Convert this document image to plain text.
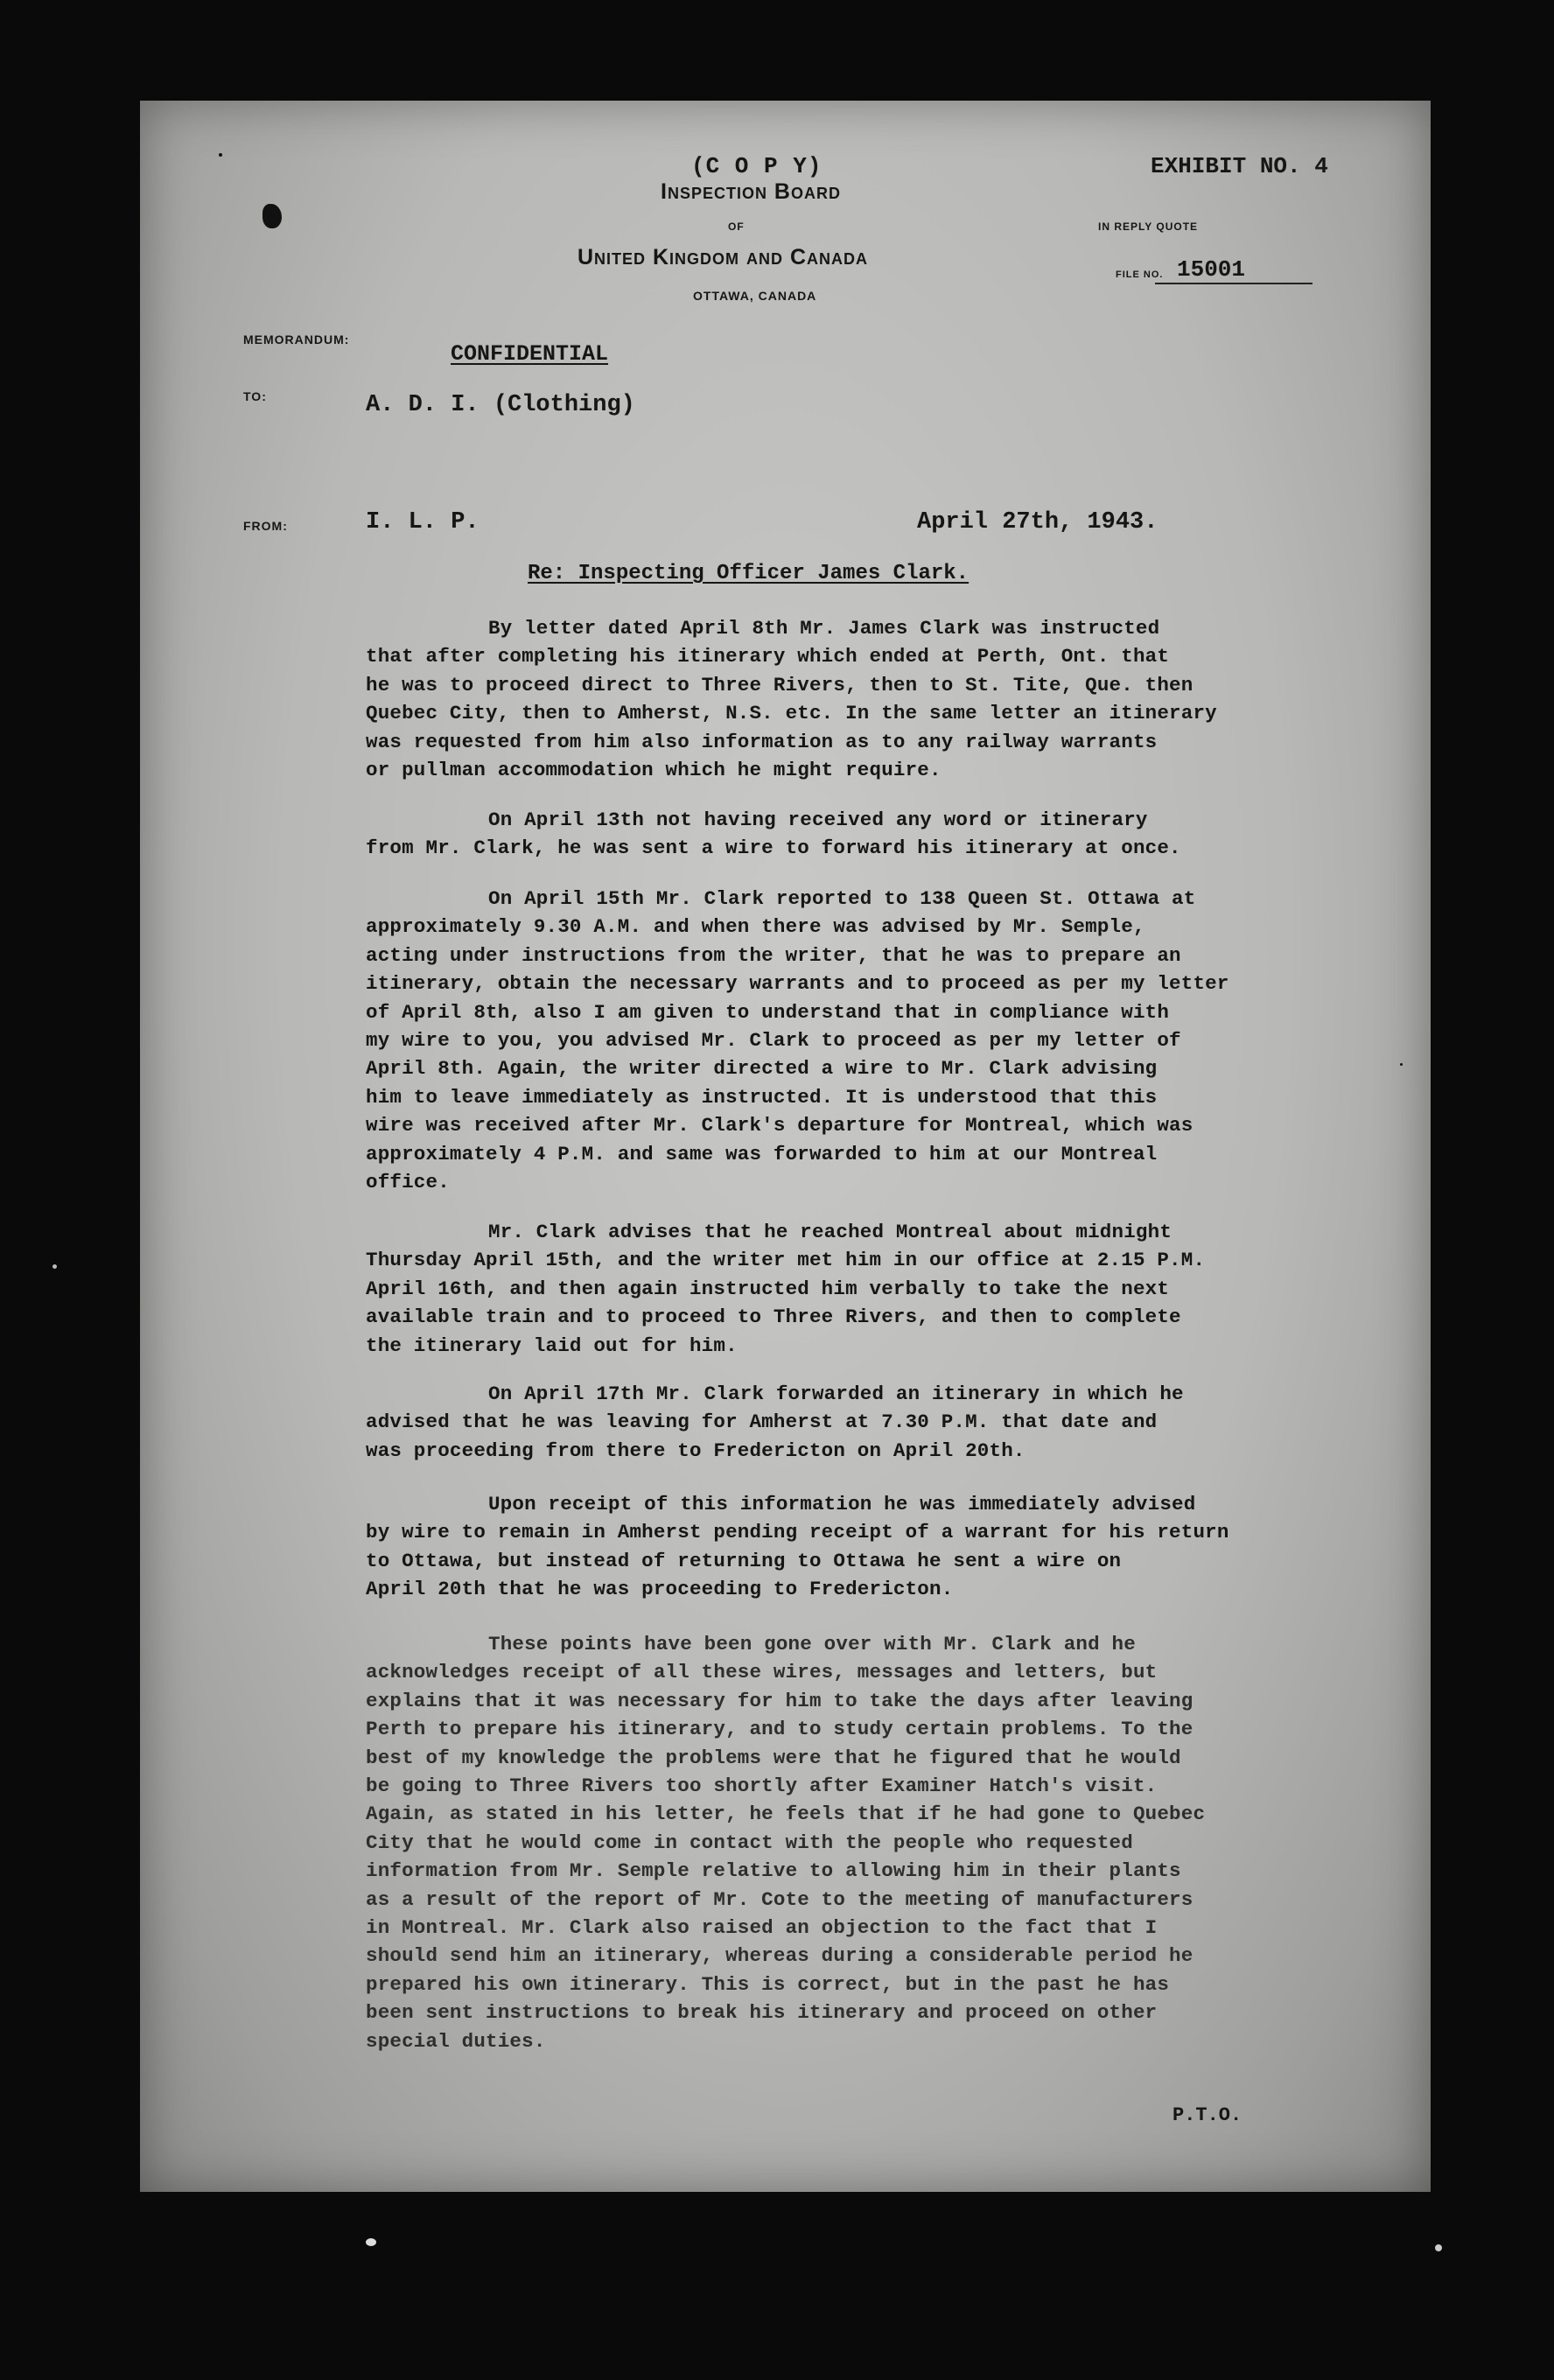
(C O P Y)
Inspection Board
OF
United Kingdom and Canada
OTTAWA, CANADA
EXHIBIT NO. 4
IN REPLY QUOTE
FILE NO. 15001
MEMORANDUM:
CONFIDENTIAL
TO:	A. D. I. (Clothing)
FROM:	I. L. P.	April 27th, 1943.
Re: Inspecting Officer James Clark.

By letter dated April 8th Mr. James Clark was instructed
that after completing his itinerary which ended at Perth, Ont. that
he was to proceed direct to Three Rivers, then to St. Tite, Que. then
Quebec City, then to Amherst, N.S. etc. In the same letter an itinerary
was requested from him also information as to any railway warrants
or pullman accommodation which he might require.

On April 13th not having received any word or itinerary
from Mr. Clark, he was sent a wire to forward his itinerary at once.

On April 15th Mr. Clark reported to 138 Queen St. Ottawa at
approximately 9.30 A.M. and when there was advised by Mr. Semple,
acting under instructions from the writer, that he was to prepare an
itinerary, obtain the necessary warrants and to proceed as per my letter
of April 8th, also I am given to understand that in compliance with
my wire to you, you advised Mr. Clark to proceed as per my letter of
April 8th. Again, the writer directed a wire to Mr. Clark advising
him to leave immediately as instructed. It is understood that this
wire was received after Mr. Clark's departure for Montreal, which was
approximately 4 P.M. and same was forwarded to him at our Montreal
office.

Mr. Clark advises that he reached Montreal about midnight
Thursday April 15th, and the writer met him in our office at 2.15 P.M.
April 16th, and then again instructed him verbally to take the next
available train and to proceed to Three Rivers, and then to complete
the itinerary laid out for him.

On April 17th Mr. Clark forwarded an itinerary in which he
advised that he was leaving for Amherst at 7.30 P.M. that date and
was proceeding from there to Fredericton on April 20th.

Upon receipt of this information he was immediately advised
by wire to remain in Amherst pending receipt of a warrant for his return
to Ottawa, but instead of returning to Ottawa he sent a wire on
April 20th that he was proceeding to Fredericton.

These points have been gone over with Mr. Clark and he
acknowledges receipt of all these wires, messages and letters, but
explains that it was necessary for him to take the days after leaving
Perth to prepare his itinerary, and to study certain problems. To the
best of my knowledge the problems were that he figured that he would
be going to Three Rivers too shortly after Examiner Hatch's visit.
Again, as stated in his letter, he feels that if he had gone to Quebec
City that he would come in contact with the people who requested
information from Mr. Semple relative to allowing him in their plants
as a result of the report of Mr. Cote to the meeting of manufacturers
in Montreal. Mr. Clark also raised an objection to the fact that I
should send him an itinerary, whereas during a considerable period he
prepared his own itinerary. This is correct, but in the past he has
been sent instructions to break his itinerary and proceed on other
special duties.

P.T.O.
